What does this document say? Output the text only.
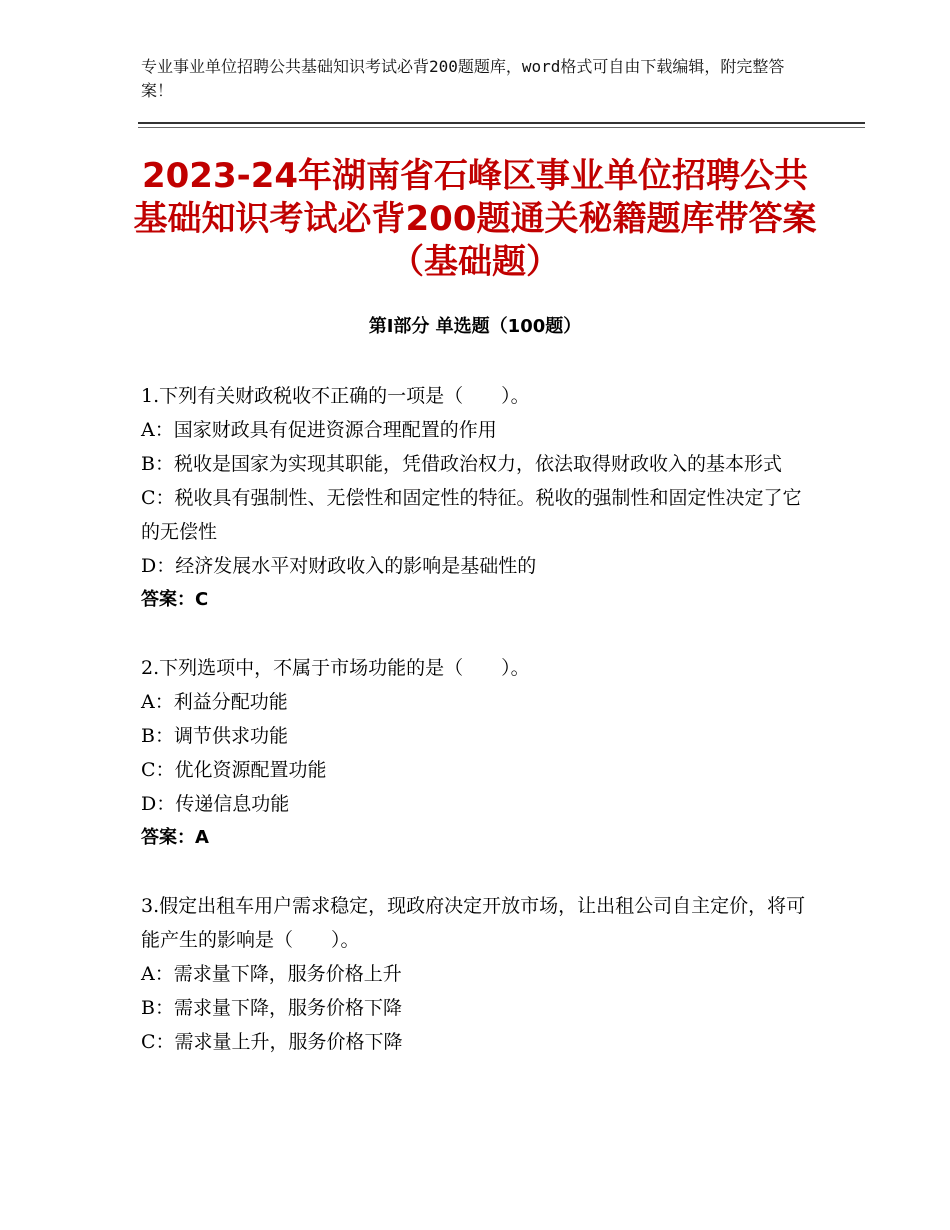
专业事业单位招聘公共基础知识考试必背200题题库，word格式可自由下载编辑，附完整答案！

2023-24年湖南省石峰区事业单位招聘公共基础知识考试必背200题通关秘籍题库带答案（基础题）
第Ⅰ部分 单选题（100题）

1.下列有关财政税收不正确的一项是（　　）。

A：国家财政具有促进资源合理配置的作用

B：税收是国家为实现其职能，凭借政治权力，依法取得财政收入的基本形式

C：税收具有强制性、无偿性和固定性的特征。税收的强制性和固定性决定了它的无偿性

D：经济发展水平对财政收入的影响是基础性的

答案：C

2.下列选项中，不属于市场功能的是（　　）。

A：利益分配功能

B：调节供求功能

C：优化资源配置功能

D：传递信息功能

答案：A

3.假定出租车用户需求稳定，现政府决定开放市场，让出租公司自主定价，将可能产生的影响是（　　）。

A：需求量下降，服务价格上升

B：需求量下降，服务价格下降

C：需求量上升，服务价格下降
